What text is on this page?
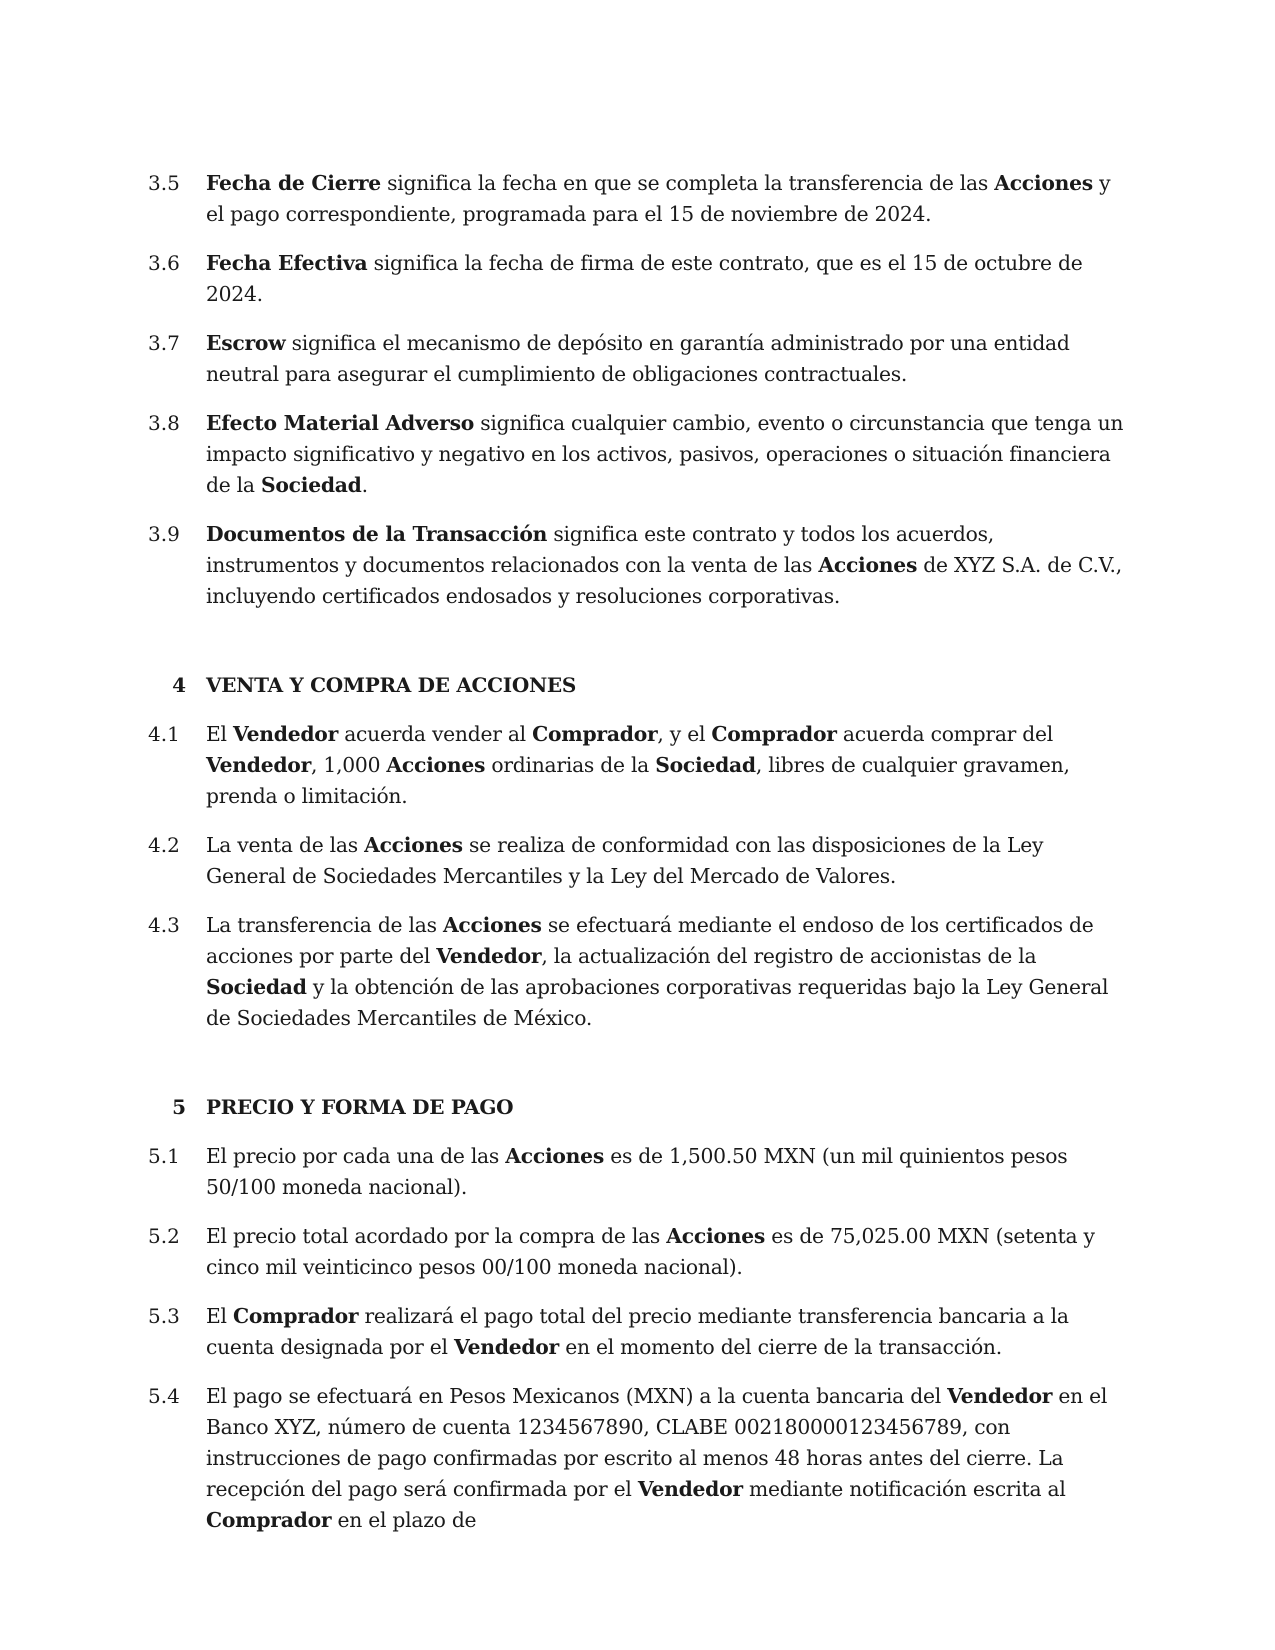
3.5	Fecha de Cierre significa la fecha en que se completa la transferencia de las Acciones y el pago correspondiente, programada para el 15 de noviembre de 2024.
3.6	Fecha Efectiva significa la fecha de firma de este contrato, que es el 15 de octubre de 2024.
3.7	Escrow significa el mecanismo de depósito en garantía administrado por una entidad neutral para asegurar el cumplimiento de obligaciones contractuales.
3.8	Efecto Material Adverso significa cualquier cambio, evento o circunstancia que tenga un impacto significativo y negativo en los activos, pasivos, operaciones o situación financiera de la Sociedad.
3.9	Documentos de la Transacción significa este contrato y todos los acuerdos, instrumentos y documentos relacionados con la venta de las Acciones de XYZ S.A. de C.V., incluyendo certificados endosados y resoluciones corporativas.
4	VENTA Y COMPRA DE ACCIONES
4.1	El Vendedor acuerda vender al Comprador, y el Comprador acuerda comprar del Vendedor, 1,000 Acciones ordinarias de la Sociedad, libres de cualquier gravamen, prenda o limitación.
4.2	La venta de las Acciones se realiza de conformidad con las disposiciones de la Ley General de Sociedades Mercantiles y la Ley del Mercado de Valores.
4.3	La transferencia de las Acciones se efectuará mediante el endoso de los certificados de acciones por parte del Vendedor, la actualización del registro de accionistas de la Sociedad y la obtención de las aprobaciones corporativas requeridas bajo la Ley General de Sociedades Mercantiles de México.
5	PRECIO Y FORMA DE PAGO
5.1	El precio por cada una de las Acciones es de 1,500.50 MXN (un mil quinientos pesos 50/100 moneda nacional).
5.2	El precio total acordado por la compra de las Acciones es de 75,025.00 MXN (setenta y cinco mil veinticinco pesos 00/100 moneda nacional).
5.3	El Comprador realizará el pago total del precio mediante transferencia bancaria a la cuenta designada por el Vendedor en el momento del cierre de la transacción.
5.4	El pago se efectuará en Pesos Mexicanos (MXN) a la cuenta bancaria del Vendedor en el Banco XYZ, número de cuenta 1234567890, CLABE 002180000123456789, con instrucciones de pago confirmadas por escrito al menos 48 horas antes del cierre. La recepción del pago será confirmada por el Vendedor mediante notificación escrita al Comprador en el plazo de
